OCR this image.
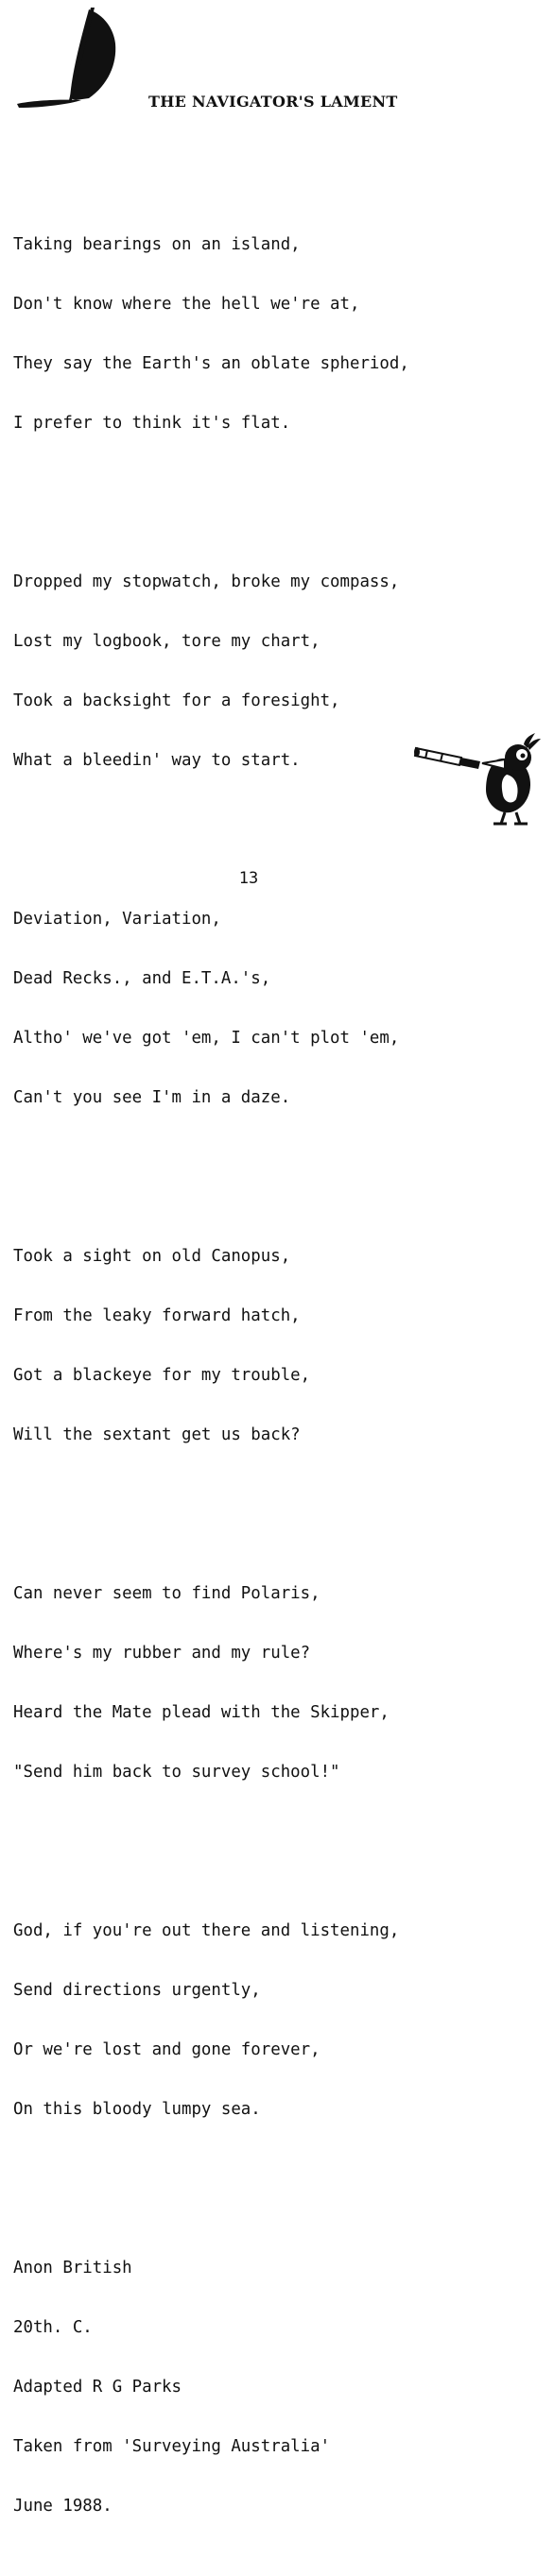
THE NAVIGATOR'S LAMENT

Taking bearings on an island,

Don't know where the hell we're at,

They say the Earth's an oblate spheriod,

I prefer to think it's flat.

Dropped my stopwatch, broke my compass,

Lost my logbook, tore my chart,

Took a backsight for a foresight,

What a bleedin' way to start.

Deviation, Variation,

Dead Recks., and E.T.A.'s,

Altho' we've got 'em, I can't plot 'em,

Can't you see I'm in a daze.

Took a sight on old Canopus,

From the leaky forward hatch,

Got a blackeye for my trouble,

Will the sextant get us back?

Can never seem to find Polaris,

Where's my rubber and my rule?

Heard the Mate plead with the Skipper,

"Send him back to survey school!"

God, if you're out there and listening,

Send directions urgently,

Or we're lost and gone forever,

On this bloody lumpy sea.

Anon British

20th. C.

Adapted R G Parks

Taken from 'Surveying Australia'

June 1988.

13
